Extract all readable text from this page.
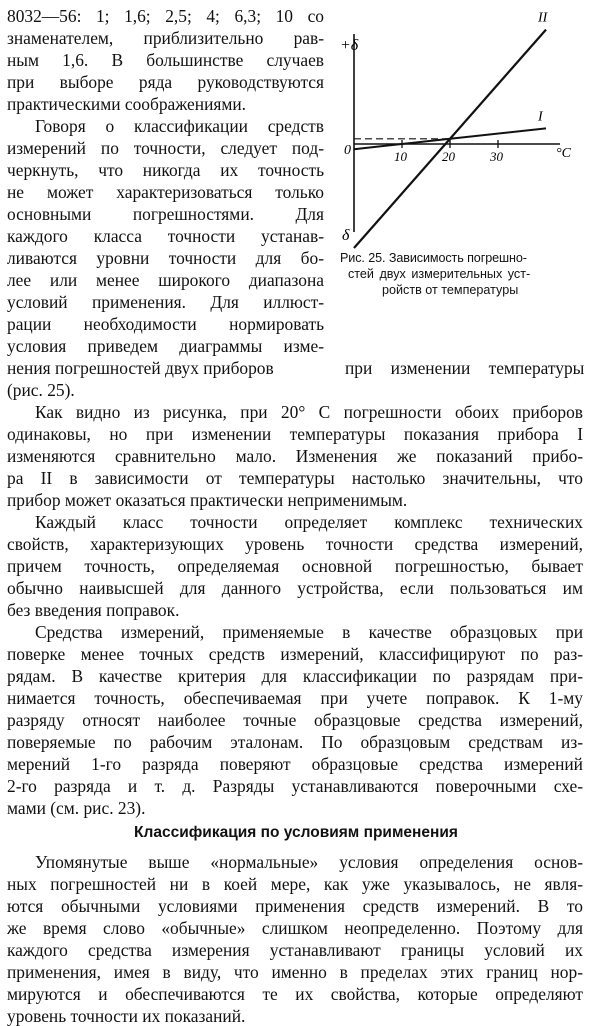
8032—56: 1; 1,6; 2,5; 4; 6,3; 10 со
знаменателем, приблизительно рав-
ным 1,6. В большинстве случаев
при выборе ряда руководствуются
практическими соображениями.
Говоря о классификации средств
измерений по точности, следует под-
черкнуть, что никогда их точность
не может характеризоваться только
основными погрешностями. Для
каждого класса точности устанав-
ливаются уровни точности для бо-
лее или менее широкого диапазона
условий применения. Для иллюст-
рации необходимости нормировать
условия приведем диаграммы изме-
нения погрешностей двух приборов	при изменении температуры
(рис. 25).
10	20	30
I
II
+δ
δ
0	°C
Рис. 25. Зависимость погрешно-
стей двух измерительных уст-
ройств от температуры
Как видно из рисунка, при 20° С погрешности обоих приборов
одинаковы, но при изменении температуры показания прибора I
изменяются сравнительно мало. Изменения же показаний прибо-
ра II в зависимости от температуры настолько значительны, что
прибор может оказаться практически неприменимым.
Каждый класс точности определяет комплекс технических
свойств, характеризующих уровень точности средства измерений,
причем точность, определяемая основной погрешностью, бывает
обычно наивысшей для данного устройства, если пользоваться им
без введения поправок.
Средства измерений, применяемые в качестве образцовых при
поверке менее точных средств измерений, классифицируют по раз-
рядам. В качестве критерия для классификации по разрядам при-
нимается точность, обеспечиваемая при учете поправок. К 1-му
разряду относят наиболее точные образцовые средства измерений,
поверяемые по рабочим эталонам. По образцовым средствам из-
мерений 1-го разряда поверяют образцовые средства измерений
2-го разряда и т. д. Разряды устанавливаются поверочными схе-
мами (см. рис. 23).
Классификация по условиям применения
Упомянутые выше «нормальные» условия определения основ-
ных погрешностей ни в коей мере, как уже указывалось, не явля-
ются обычными условиями применения средств измерений. В то
же время слово «обычные» слишком неопределенно. Поэтому для
каждого средства измерения устанавливают границы условий их
применения, имея в виду, что именно в пределах этих границ нор-
мируются и обеспечиваются те их свойства, которые определяют
уровень точности их показаний.
